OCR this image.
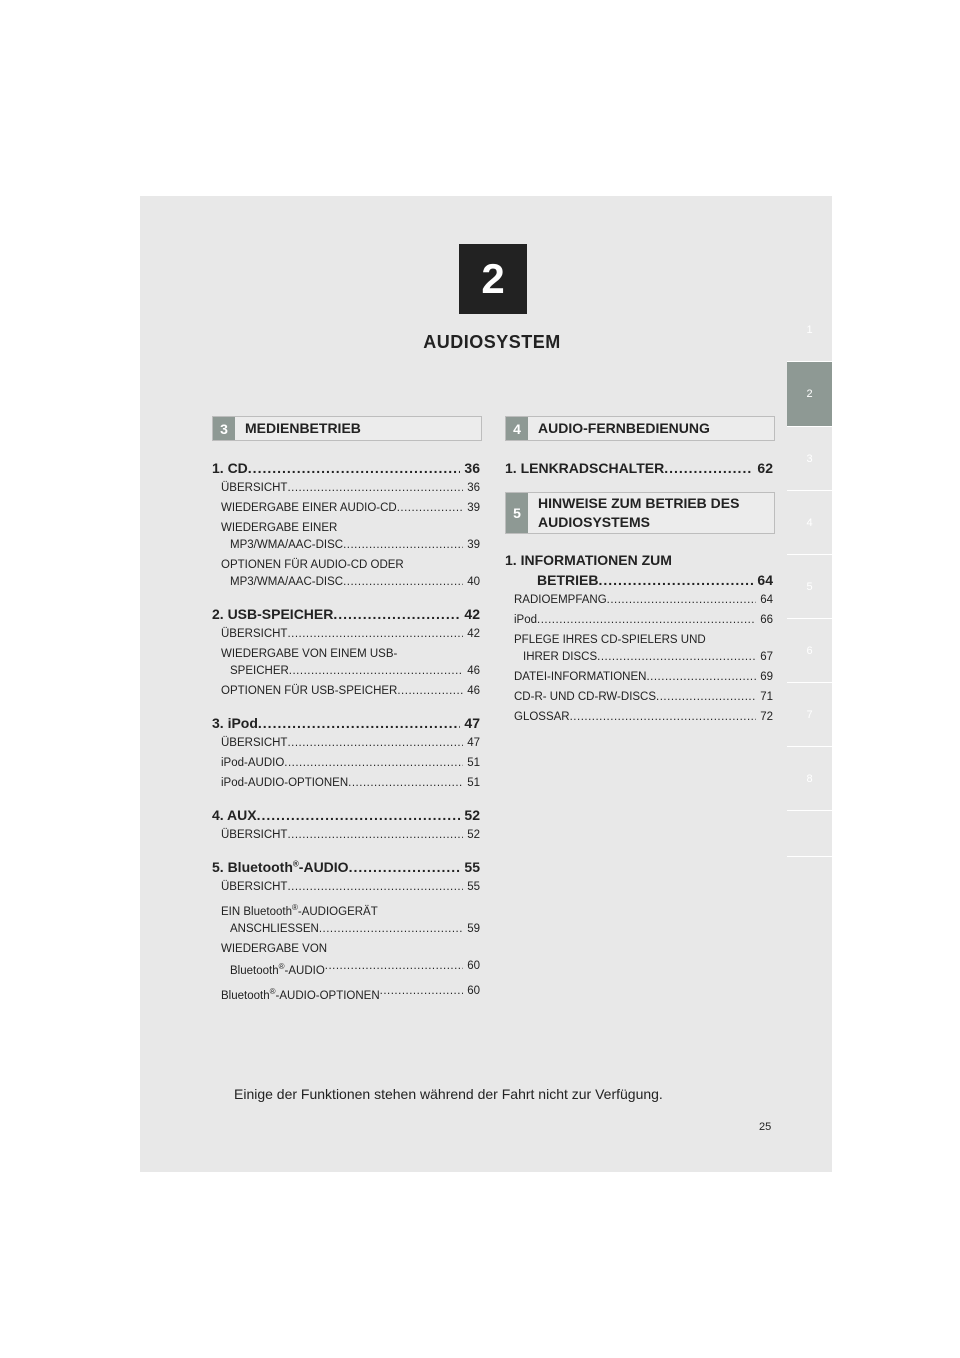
2
AUDIOSYSTEM
1
2
3
4
5
6
7
8
3	MEDIENBETRIEB	4	AUDIO-FERNBEDIENUNG
5
HINWEISE ZUM BETRIEB DES AUDIOSYSTEMS
1. CD .....	36
ÜBERSICHT .....	36
WIEDERGABE EINER AUDIO-CD .....	39
WIEDERGABE EINER
MP3/WMA/AAC-DISC .....	39
OPTIONEN FÜR AUDIO-CD ODER
MP3/WMA/AAC-DISC .....	40
2. USB-SPEICHER .....	42
ÜBERSICHT .....	42
WIEDERGABE VON EINEM USB-
SPEICHER .....	46
OPTIONEN FÜR USB-SPEICHER .....	46
3. iPod .....	47
ÜBERSICHT .....	47
iPod-AUDIO .....	51
iPod-AUDIO-OPTIONEN .....	51
4. AUX .....	52
ÜBERSICHT .....	52
5. Bluetooth®-AUDIO .....	55
ÜBERSICHT .....	55
EIN Bluetooth®-AUDIOGERÄT
ANSCHLIESSEN .....	59
WIEDERGABE VON
Bluetooth®-AUDIO .....	60
Bluetooth®-AUDIO-OPTIONEN .....	60
1. LENKRADSCHALTER .....	62
1. INFORMATIONEN ZUM
BETRIEB .....	64
RADIOEMPFANG .....	64
iPod .....	66
PFLEGE IHRES CD-SPIELERS UND
IHRER DISCS .....	67
DATEI-INFORMATIONEN .....	69
CD-R- UND CD-RW-DISCS .....	71
GLOSSAR .....	72
Einige der Funktionen stehen während der Fahrt nicht zur Verfügung.
25
